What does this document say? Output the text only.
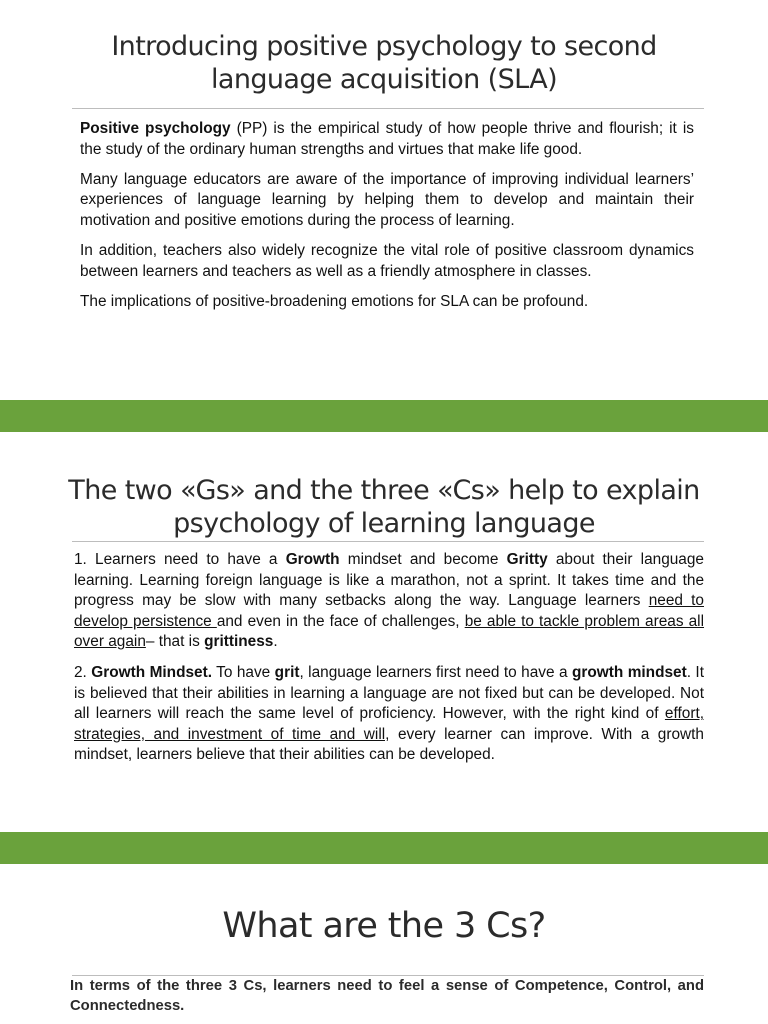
Introducing positive psychology to second
language acquisition (SLA)

Positive psychology (PP) is the empirical study of how people thrive and flourish; it is the study of the ordinary human strengths and virtues that make life good.

Many language educators are aware of the importance of improving individual learners’ experiences of language learning by helping them to develop and maintain their motivation and positive emotions during the process of learning.

In addition, teachers also widely recognize the vital role of positive classroom dynamics between learners and teachers as well as a friendly atmosphere in classes.

The implications of positive-broadening emotions for SLA can be profound.

The two «Gs» and the three «Cs» help to explain
psychology of learning language

1. Learners need to have a Growth mindset and become Gritty about their language learning. Learning foreign language is like a marathon, not a sprint. It takes time and the progress may be slow with many setbacks along the way. Language learners need to develop persistence and even in the face of challenges, be able to tackle problem areas all over again– that is grittiness.

2. Growth Mindset. To have grit, language learners first need to have a growth mindset. It is believed that their abilities in learning a language are not fixed but can be developed. Not all learners will reach the same level of proficiency. However, with the right kind of effort, strategies, and investment of time and will, every learner can improve. With a growth mindset, learners believe that their abilities can be developed.

What are the 3 Cs?
In terms of the three 3 Cs, learners need to feel a sense of Competence, Control, and Connectedness.
